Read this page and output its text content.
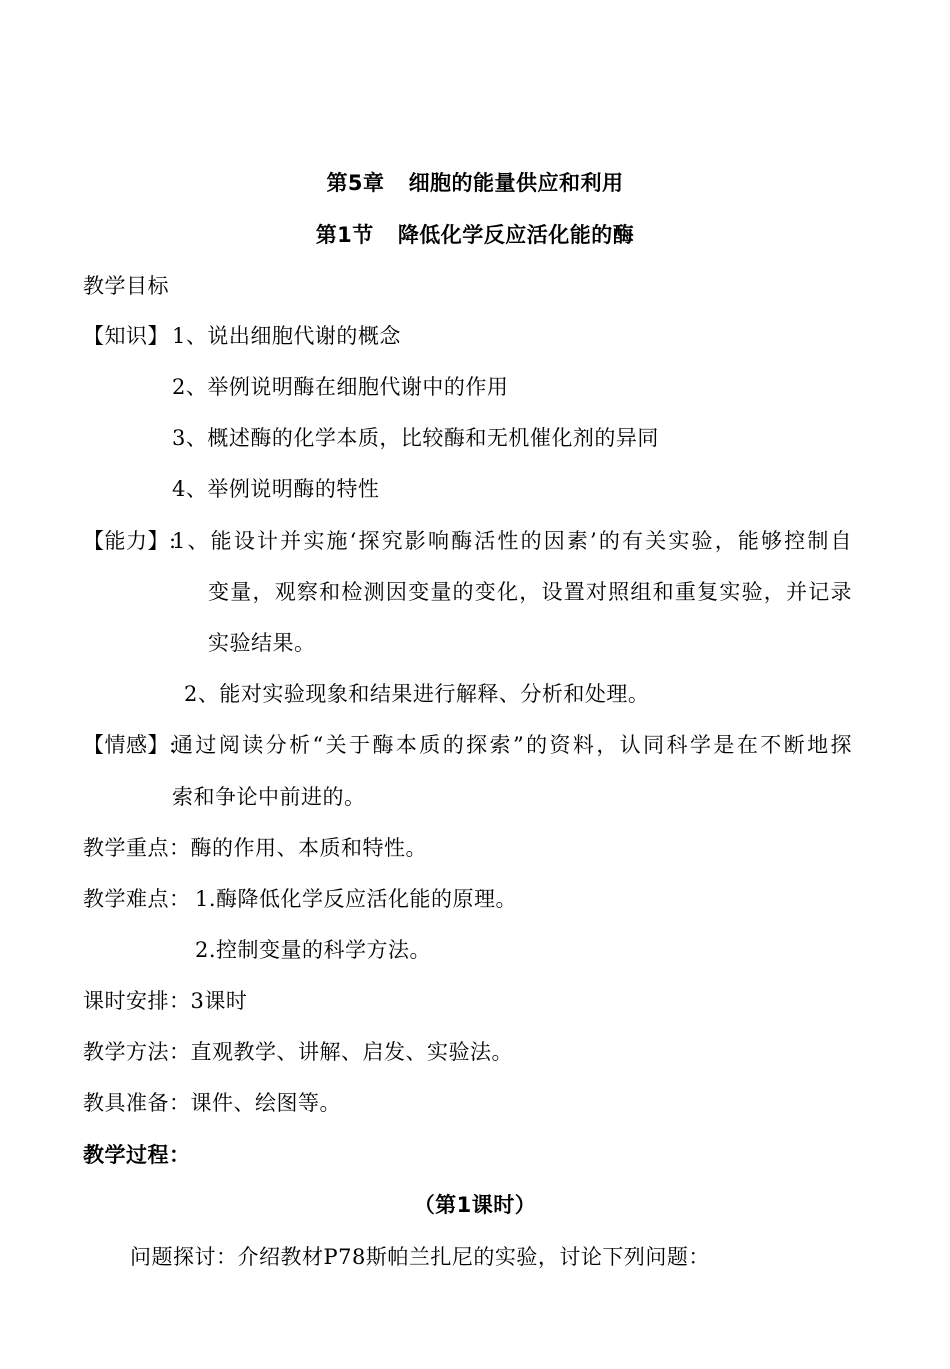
第5章 细胞的能量供应和利用
第1节 降低化学反应活化能的酶
教学目标
【知识】 1、说出细胞代谢的概念
2、举例说明酶在细胞代谢中的作用
3、概述酶的化学本质，比较酶和无机催化剂的异同
4、举例说明酶的特性
【能力】:
1、能设计并实施‘探究影响酶活性的因素’的有关实验，能够控制自
变量，观察和检测因变量的变化，设置对照组和重复实验，并记录
实验结果。
2、能对实验现象和结果进行解释、分析和处理。
【情感】:
通过阅读分析“关于酶本质的探索”的资料，认同科学是在不断地探
索和争论中前进的。
教学重点：酶的作用、本质和特性。
教学难点： 1.酶降低化学反应活化能的原理。
2.控制变量的科学方法。
课时安排：3课时
教学方法：直观教学、讲解、启发、实验法。
教具准备：课件、绘图等。
教学过程：
（第1课时）
问题探讨：介绍教材P78斯帕兰扎尼的实验，讨论下列问题：
